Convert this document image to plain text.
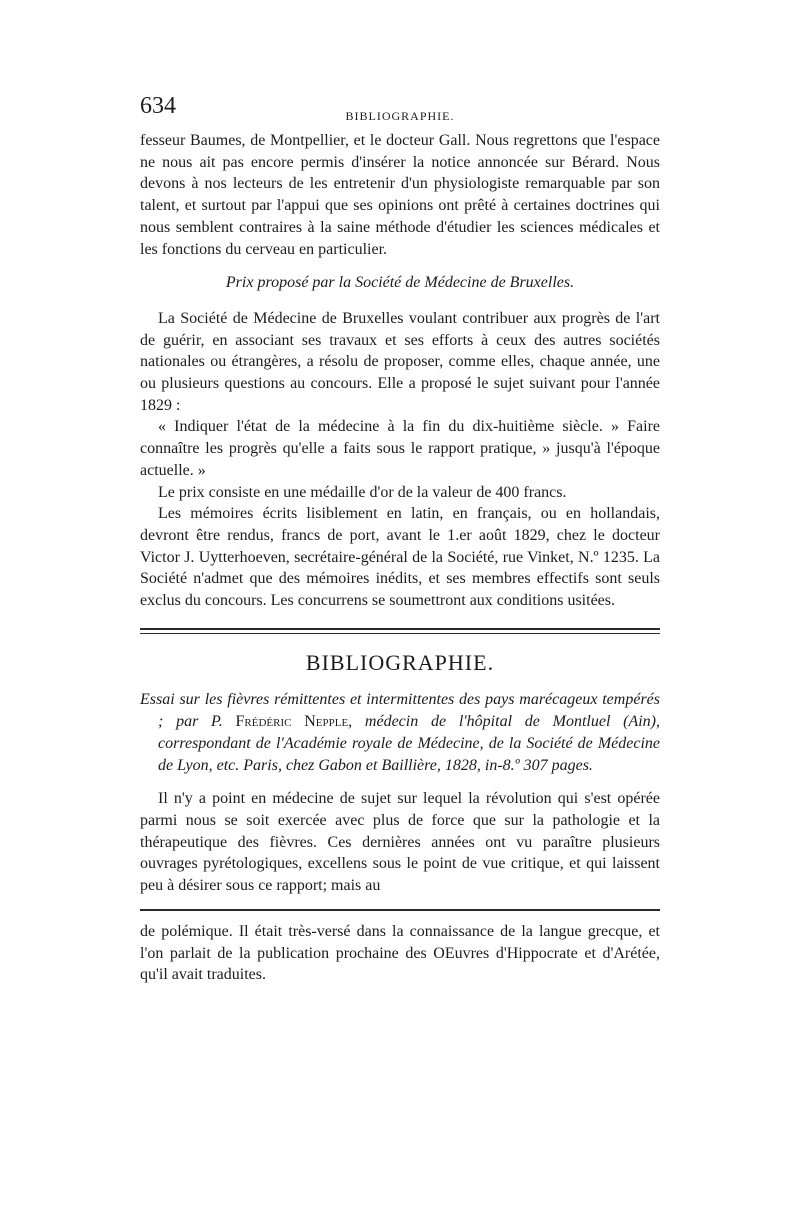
634	BIBLIOGRAPHIE.

fesseur Baumes, de Montpellier, et le docteur Gall. Nous regrettons que l'espace ne nous ait pas encore permis d'insérer la notice annoncée sur Bérard. Nous devons à nos lecteurs de les entretenir d'un physiologiste remarquable par son talent, et surtout par l'appui que ses opinions ont prêté à certaines doctrines qui nous semblent contraires à la saine méthode d'étudier les sciences médicales et les fonctions du cerveau en particulier.

Prix proposé par la Société de Médecine de Bruxelles.

La Société de Médecine de Bruxelles voulant contribuer aux progrès de l'art de guérir, en associant ses travaux et ses efforts à ceux des autres sociétés nationales ou étrangères, a résolu de proposer, comme elles, chaque année, une ou plusieurs questions au concours. Elle a proposé le sujet suivant pour l'année 1829 :

« Indiquer l'état de la médecine à la fin du dix-huitième siècle. » Faire connaître les progrès qu'elle a faits sous le rapport pratique, » jusqu'à l'époque actuelle. »

Le prix consiste en une médaille d'or de la valeur de 400 francs.

Les mémoires écrits lisiblement en latin, en français, ou en hollandais, devront être rendus, francs de port, avant le 1.er août 1829, chez le docteur Victor J. Uytterhoeven, secrétaire-général de la Société, rue Vinket, N.º 1235. La Société n'admet que des mémoires inédits, et ses membres effectifs sont seuls exclus du concours. Les concurrens se soumettront aux conditions usitées.

BIBLIOGRAPHIE.

Essai sur les fièvres rémittentes et intermittentes des pays marécageux tempérés ; par P. Frédéric Nepple, médecin de l'hôpital de Montluel (Ain), correspondant de l'Académie royale de Médecine, de la Société de Médecine de Lyon, etc. Paris, chez Gabon et Baillière, 1828, in-8.º 307 pages.

Il n'y a point en médecine de sujet sur lequel la révolution qui s'est opérée parmi nous se soit exercée avec plus de force que sur la pathologie et la thérapeutique des fièvres. Ces dernières années ont vu paraître plusieurs ouvrages pyrétologiques, excellens sous le point de vue critique, et qui laissent peu à désirer sous ce rapport; mais au

de polémique. Il était très-versé dans la connaissance de la langue grecque, et l'on parlait de la publication prochaine des OEuvres d'Hippocrate et d'Arétée, qu'il avait traduites.
